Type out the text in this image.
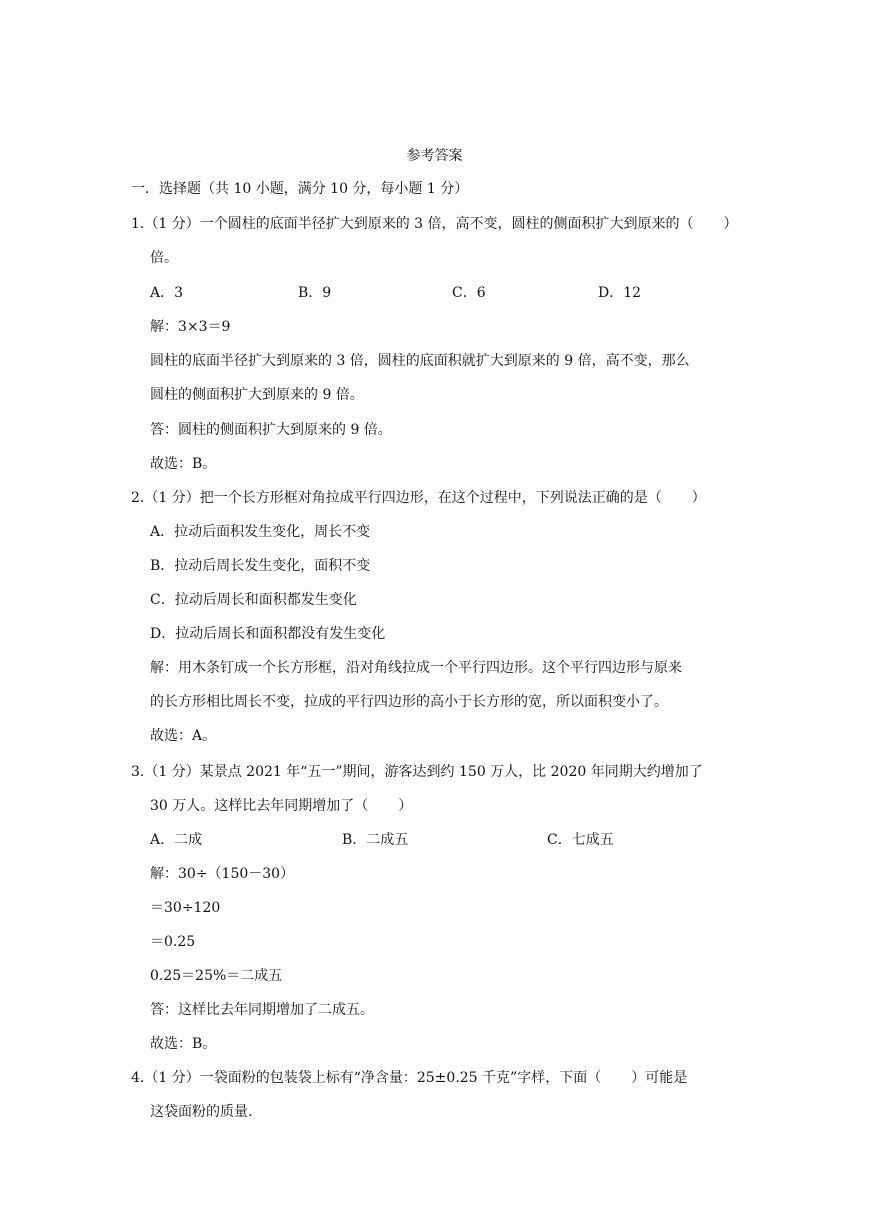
参考答案
一．选择题（共 10 小题，满分 10 分，每小题 1 分）
1.（1 分）一个圆柱的底面半径扩大到原来的 3 倍，高不变，圆柱的侧面积扩大到原来的（ ）
倍。
A．3	B．9	C．6	D．12
解：3×3＝9
圆柱的底面半径扩大到原来的 3 倍，圆柱的底面积就扩大到原来的 9 倍，高不变，那么
圆柱的侧面积扩大到原来的 9 倍。
答：圆柱的侧面积扩大到原来的 9 倍。
故选：B。
2.（1 分）把一个长方形框对角拉成平行四边形，在这个过程中，下列说法正确的是（ ）
A．拉动后面积发生变化，周长不变
B．拉动后周长发生变化，面积不变
C．拉动后周长和面积都发生变化
D．拉动后周长和面积都没有发生变化
解：用木条钉成一个长方形框，沿对角线拉成一个平行四边形。这个平行四边形与原来
的长方形相比周长不变，拉成的平行四边形的高小于长方形的宽，所以面积变小了。
故选：A。
3.（1 分）某景点 2021 年“五一”期间，游客达到约 150 万人，比 2020 年同期大约增加了
30 万人。这样比去年同期增加了（ ）
A．二成	B．二成五	C．七成五
解：30÷（150－30）
＝30÷120
＝0.25
0.25＝25%＝二成五
答：这样比去年同期增加了二成五。
故选：B。
4.（1 分）一袋面粉的包装袋上标有“净含量：25±0.25 千克”字样，下面（ ）可能是
这袋面粉的质量.
